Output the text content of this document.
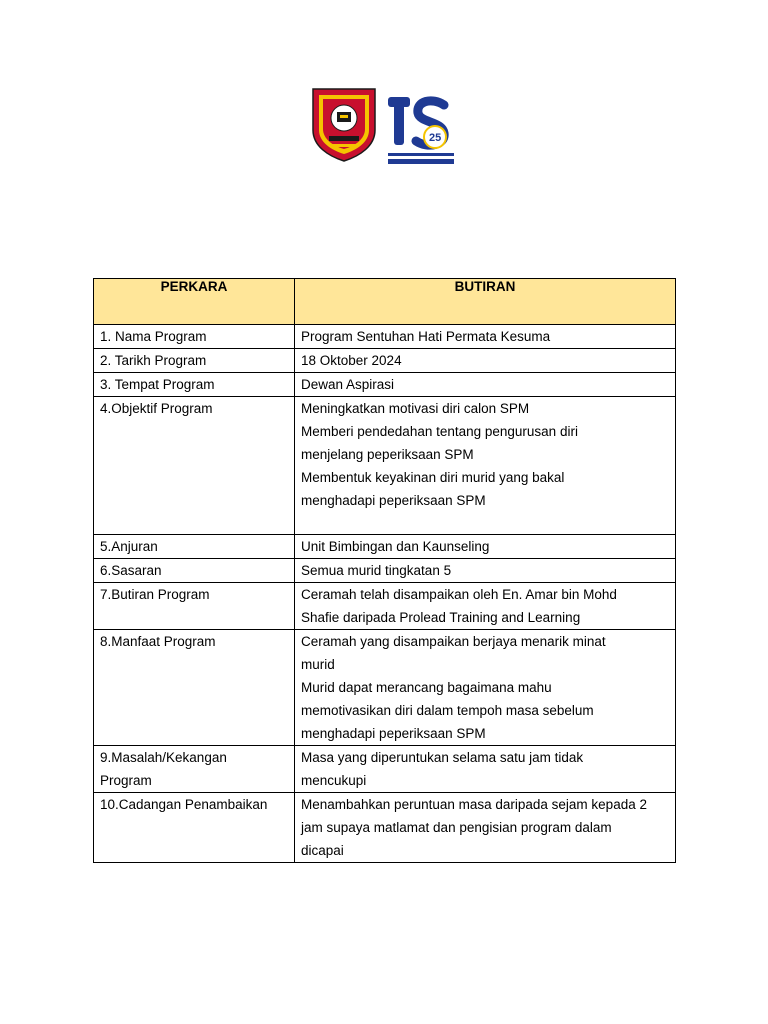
25
PERKARA	BUTIRAN

1. Nama Program	Program Sentuhan Hati Permata Kesuma
2. Tarikh Program	18 Oktober 2024
3. Tempat Program	Dewan Aspirasi
4.Objektif Program	Meningkatkan motivasi diri calon SPM
Memberi pendedahan tentang pengurusan diri
menjelang peperiksaan SPM
Membentuk keyakinan diri murid yang bakal
menghadapi peperiksaan SPM

5.Anjuran	Unit Bimbingan dan Kaunseling
6.Sasaran	Semua murid tingkatan 5
7.Butiran Program	Ceramah telah disampaikan oleh En. Amar bin Mohd
Shafie daripada Prolead Training and Learning

8.Manfaat Program	Ceramah yang disampaikan berjaya menarik minat
murid
Murid dapat merancang bagaimana mahu
memotivasikan diri dalam tempoh masa sebelum
menghadapi peperiksaan SPM

9.Masalah/Kekangan
Program	Masa yang diperuntukan selama satu jam tidak
mencukupi

10.Cadangan Penambaikan	Menambahkan peruntuan masa daripada sejam kepada 2
jam supaya matlamat dan pengisian program dalam
dicapai
